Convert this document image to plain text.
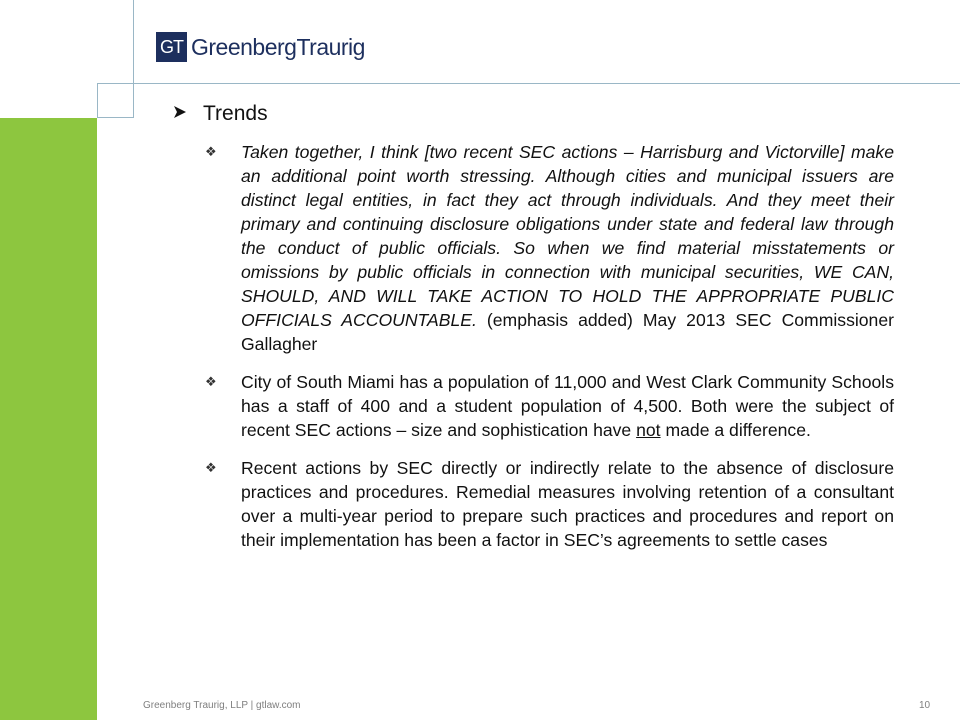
GT GreenbergTraurig
Trends
❖	Taken together, I think [two recent SEC actions – Harrisburg and Victorville] make an additional point worth stressing. Although cities and municipal issuers are distinct legal entities, in fact they act through individuals. And they meet their primary and continuing disclosure obligations under state and federal law through the conduct of public officials. So when we find material misstatements or omissions by public officials in connection with municipal securities, WE CAN, SHOULD, AND WILL TAKE ACTION TO HOLD THE APPROPRIATE PUBLIC OFFICIALS ACCOUNTABLE. (emphasis added) May 2013 SEC Commissioner Gallagher
❖	City of South Miami has a population of 11,000 and West Clark Community Schools has a staff of 400 and a student population of 4,500. Both were the subject of recent SEC actions – size and sophistication have not made a difference.
❖	Recent actions by SEC directly or indirectly relate to the absence of disclosure practices and procedures. Remedial measures involving retention of a consultant over a multi-year period to prepare such practices and procedures and report on their implementation has been a factor in SEC’s agreements to settle cases
Greenberg Traurig, LLP | gtlaw.com	10
